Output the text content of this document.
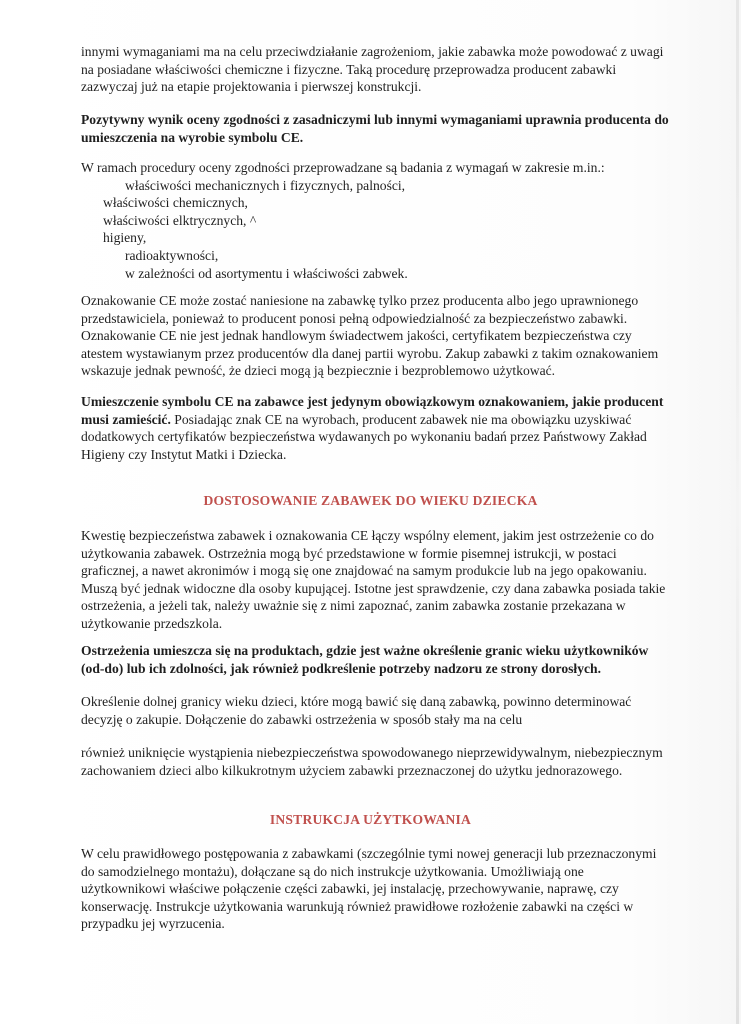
innymi wymaganiami ma na celu przeciwdziałanie zagrożeniom, jakie zabawka może powodować z uwagi

na posiadane właściwości chemiczne i fizyczne. Taką procedurę przeprowadza producent zabawki

zazwyczaj już na etapie projektowania i pierwszej konstrukcji.

Pozytywny wynik oceny zgodności z zasadniczymi lub innymi wymaganiami uprawnia producenta do

umieszczenia na wyrobie symbolu CE.

W ramach procedury oceny zgodności przeprowadzane są badania z wymagań w zakresie m.in.:

właściwości mechanicznych i fizycznych, palności,

właściwości chemicznych,

właściwości elktrycznych, ^

higieny,

radioaktywności,

w zależności od asortymentu i właściwości zabwek.

Oznakowanie CE może zostać naniesione na zabawkę tylko przez producenta albo jego uprawnionego

przedstawiciela, ponieważ to producent ponosi pełną odpowiedzialność za bezpieczeństwo zabawki.

Oznakowanie CE nie jest jednak handlowym świadectwem jakości, certyfikatem bezpieczeństwa czy

atestem wystawianym przez producentów dla danej partii wyrobu. Zakup zabawki z takim oznakowaniem

wskazuje jednak pewność, że dzieci mogą ją bezpiecznie i bezproblemowo użytkować.

Umieszczenie symbolu CE na zabawce jest jedynym obowiązkowym oznakowaniem, jakie producent

musi zamieścić. Posiadając znak CE na wyrobach, producent zabawek nie ma obowiązku uzyskiwać

dodatkowych certyfikatów bezpieczeństwa wydawanych po wykonaniu badań przez Państwowy Zakład

Higieny czy Instytut Matki i Dziecka.

DOSTOSOWANIE ZABAWEK DO WIEKU DZIECKA

Kwestię bezpieczeństwa zabawek i oznakowania CE łączy wspólny element, jakim jest ostrzeżenie co do

użytkowania zabawek. Ostrzeżnia mogą być przedstawione w formie pisemnej istrukcji, w postaci

graficznej, a nawet akronimów i mogą się one znajdować na samym produkcie lub na jego opakowaniu.

Muszą być jednak widoczne dla osoby kupującej. Istotne jest sprawdzenie, czy dana zabawka posiada takie

ostrzeżenia, a jeżeli tak, należy uważnie się z nimi zapoznać, zanim zabawka zostanie przekazana w

użytkowanie przedszkola.

Ostrzeżenia umieszcza się na produktach, gdzie jest ważne określenie granic wieku użytkowników

(od-do) lub ich zdolności, jak również podkreślenie potrzeby nadzoru ze strony dorosłych.

Określenie dolnej granicy wieku dzieci, które mogą bawić się daną zabawką, powinno determinować

decyzję o zakupie. Dołączenie do zabawki ostrzeżenia w sposób stały ma na celu

również uniknięcie wystąpienia niebezpieczeństwa spowodowanego nieprzewidywalnym, niebezpiecznym

zachowaniem dzieci albo kilkukrotnym użyciem zabawki przeznaczonej do użytku jednorazowego.

INSTRUKCJA UŻYTKOWANIA

W celu prawidłowego postępowania z zabawkami (szczególnie tymi nowej generacji lub przeznaczonymi

do samodzielnego montażu), dołączane są do nich instrukcje użytkowania. Umożliwiają one

użytkownikowi właściwe połączenie części zabawki, jej instalację, przechowywanie, naprawę, czy

konserwację. Instrukcje użytkowania warunkują również prawidłowe rozłożenie zabawki na części w

przypadku jej wyrzucenia.
